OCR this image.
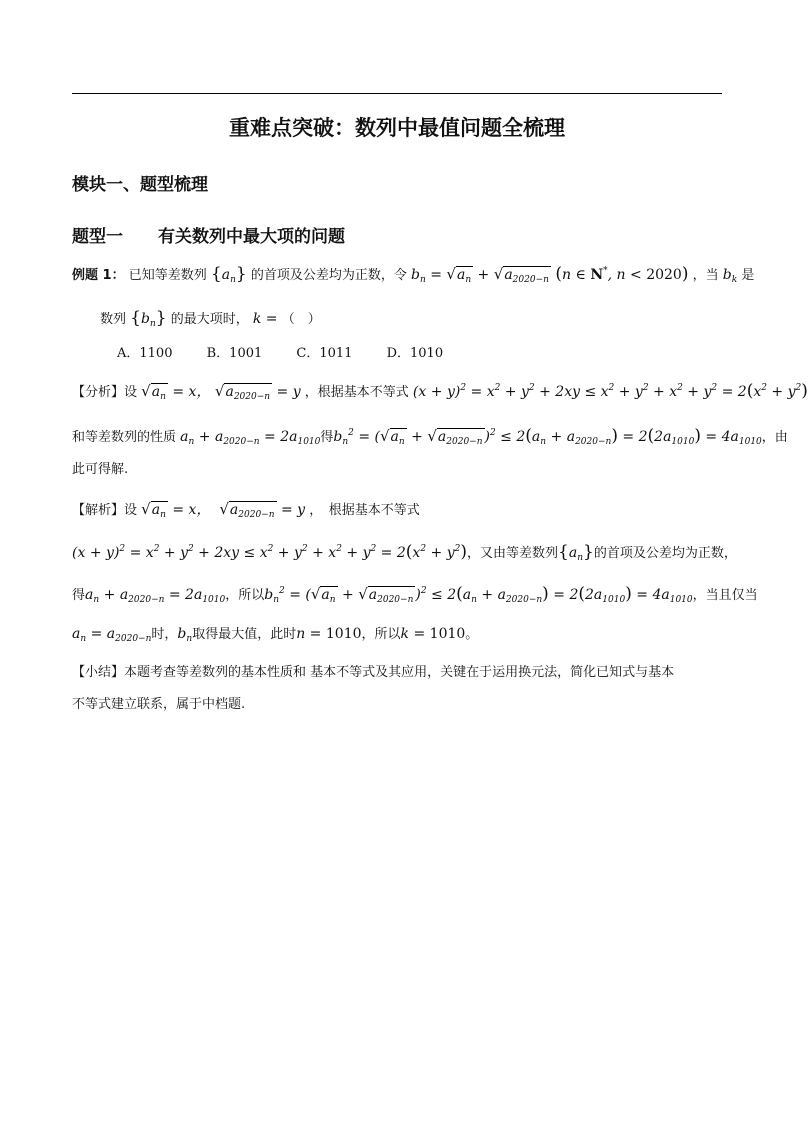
重难点突破：数列中最值问题全梳理
模块一、题型梳理
题型一 有关数列中最大项的问题
例题 1： 已知等差数列 $\{a_n\}$ 的首项及公差均为正数，令 $b_n = √a_n + √a_{2020-n}$ (n ∈ N*, n < 2020) ，当 $b_k$ 是
数列 $\{b_n\}$ 的最大项时， k = （　）
A．1100	B．1001	C．1011	D．1010
【分析】设 $√a_n = x$， $√a_{2020-n} = y$ ，根据基本不等式 $(x + y)^2 = x^2 + y^2 + 2xy \le x^2 + y^2 + x^2 + y^2 = 2(x^2 + y^2)$
和等差数列的性质 $a_n + a_{2020-n} = 2a_{1010}$得$b_n^2 = (√a_n + √a_{2020-n}$ )$^2 \le 2(a_n + a_{2020-n}) = 2(2a_{1010}) = 4a_{1010}$，由
此可得解.
【解析】设 $√a_n = x$，  $√a_{2020-n} = y$ ，　根据基本不等式
$(x + y)^2 = x^2 + y^2 + 2xy \le x^2 + y^2 + x^2 + y^2 = 2(x^2 + y^2)$，又由等差数列$\{a_n\}$的首项及公差均为正数，
得$a_n + a_{2020-n} = 2a_{1010}$，所以$b_n^2 = (√a_n + √a_{2020-n}$ )$^2 \le 2(a_n + a_{2020-n}) = 2(2a_{1010}) = 4a_{1010}$，当且仅当
$a_n = a_{2020-n}$时，$b_n$取得最大值，此时n = 1010，所以k = 1010。
【小结】本题考查等差数列的基本性质和 基本不等式及其应用，关键在于运用换元法，简化已知式与基本
不等式建立联系，属于中档题.
